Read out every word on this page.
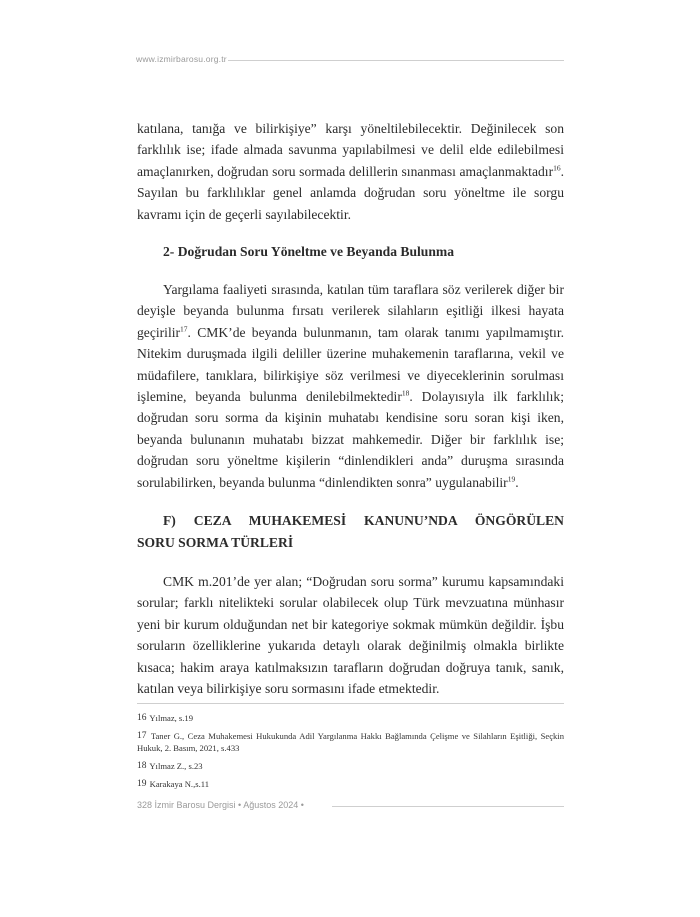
www.izmirbarosu.org.tr

katılana, tanığa ve bilirkişiye” karşı yöneltilebilecektir. Değinilecek son farklılık ise; ifade almada savunma yapılabilmesi ve delil elde edilebilmesi amaçlanırken, doğrudan soru sormada delillerin sınanması amaçlanmaktadır$^{16}$. Sayılan bu farklılıklar genel anlamda doğrudan soru yöneltme ile sorgu kavramı için de geçerli sayılabilecektir.

2- Doğrudan Soru Yöneltme ve Beyanda Bulunma

Yargılama faaliyeti sırasında, katılan tüm taraflara söz verilerek diğer bir deyişle beyanda bulunma fırsatı verilerek silahların eşitliği ilkesi hayata geçirilir$^{17}$. CMK’de beyanda bulunmanın, tam olarak tanımı yapılmamıştır. Nitekim duruşmada ilgili deliller üzerine muhakemenin taraflarına, vekil ve müdafilere, tanıklara, bilirkişiye söz verilmesi ve diyeceklerinin sorulması işlemine, beyanda bulunma denilebilmektedir$^{18}$. Dolayısıyla ilk farklılık; doğrudan soru sorma da kişinin muhatabı kendisine soru soran kişi iken, beyanda bulunanın muhatabı bizzat mahkemedir. Diğer bir farklılık ise; doğrudan soru yöneltme kişilerin “dinlendikleri anda” duruşma sırasında sorulabilirken, beyanda bulunma “dinlendikten sonra” uygulanabilir$^{19}$.

F) CEZA MUHAKEMESİ KANUNU’NDA ÖNGÖRÜLEN
SORU SORMA TÜRLERİ

CMK m.201’de yer alan; “Doğrudan soru sorma” kurumu kapsamındaki sorular; farklı nitelikteki sorular olabilecek olup Türk mevzuatına münhasır yeni bir kurum olduğundan net bir kategoriye sokmak mümkün değildir. İşbu soruların özelliklerine yukarıda detaylı olarak değinilmiş olmakla birlikte kısaca; hakim araya katılmaksızın tarafların doğrudan doğruya tanık, sanık, katılan veya bilirkişiye soru sormasını ifade etmektedir.

16 Yılmaz, s.19
17 Taner G., Ceza Muhakemesi Hukukunda Adil Yargılanma Hakkı Bağlamında Çelişme ve Silahların Eşitliği, Seçkin Hukuk, 2. Basım, 2021, s.433
18 Yılmaz Z., s.23
19 Karakaya N.,s.11
328 İzmir Barosu Dergisi • Ağustos 2024 •
